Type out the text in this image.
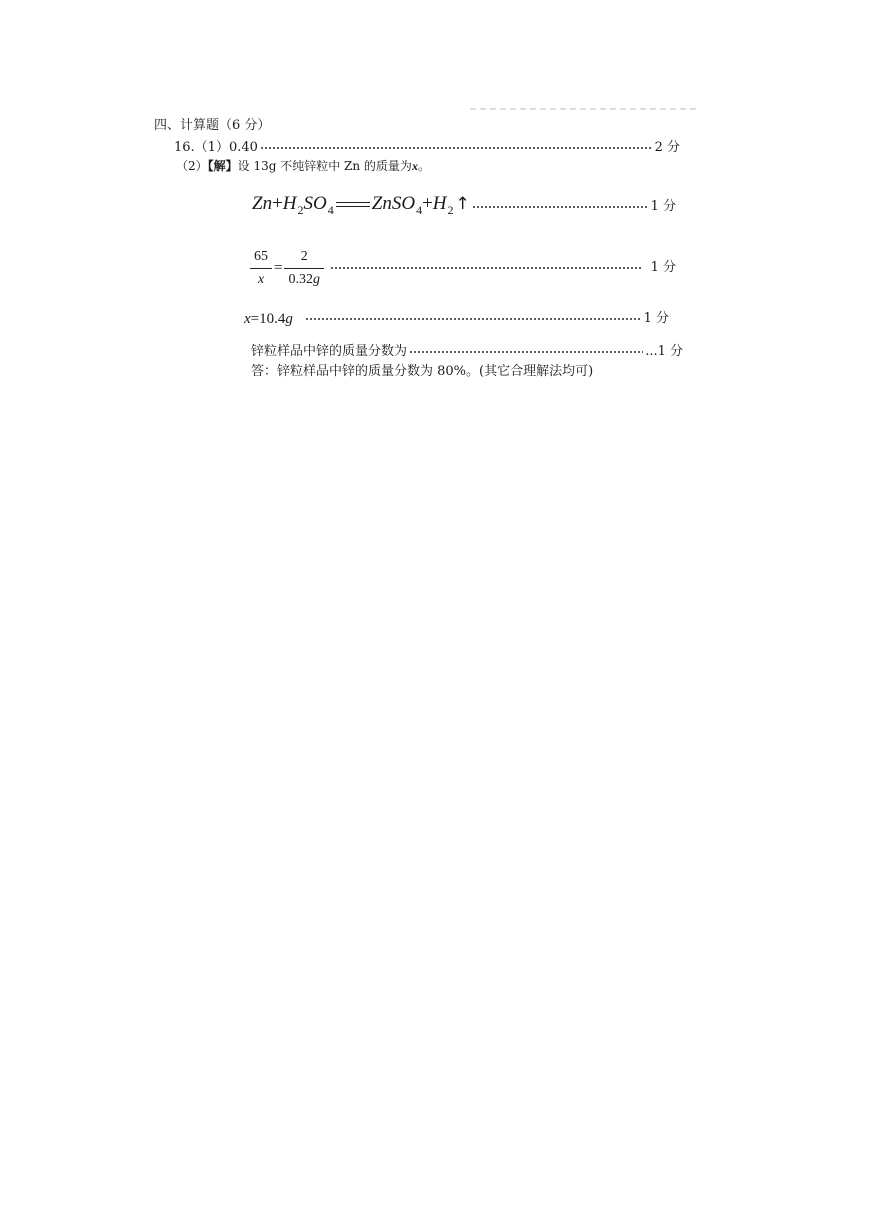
四、计算题（6 分）
16.（1）0.40	2 分
（2）【解】设 13g 不纯锌粒中 Zn 的质量为x。
$Zn+H_2SO_4$ $ZnSO_4+H_2$ ↑	1 分
$\frac{65}{x} = \frac{2}{0.32g}$	1 分
x=10.4g	1 分
锌粒样品中锌的质量分数为	...1 分
答：锌粒样品中锌的质量分数为 80%。(其它合理解法均可)
